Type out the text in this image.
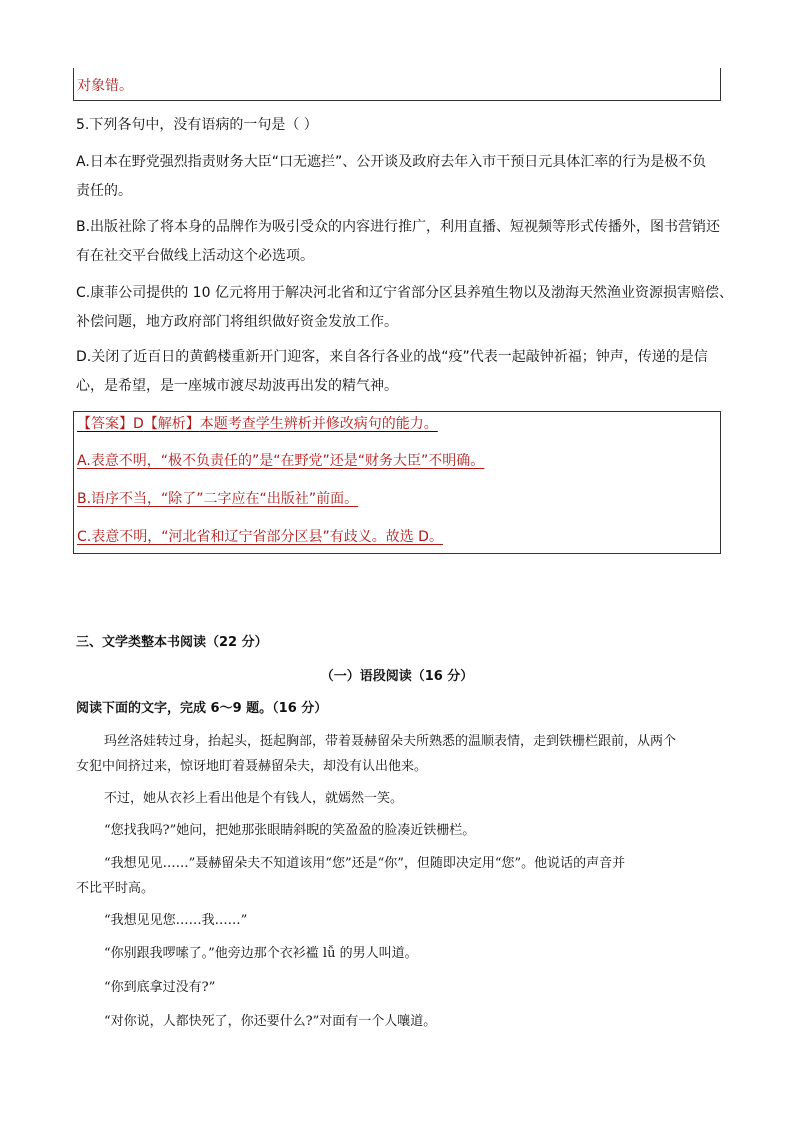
对象错。
5.下列各句中，没有语病的一句是（ ）
A.日本在野党强烈指责财务大臣“口无遮拦”、公开谈及政府去年入市干预日元具体汇率的行为是极不负
责任的。
B.出版社除了将本身的品牌作为吸引受众的内容进行推广，利用直播、短视频等形式传播外，图书营销还
有在社交平台做线上活动这个必选项。
C.康菲公司提供的 10 亿元将用于解决河北省和辽宁省部分区县养殖生物以及渤海天然渔业资源损害赔偿、
补偿问题，地方政府部门将组织做好资金发放工作。
D.关闭了近百日的黄鹤楼重新开门迎客，来自各行各业的战“疫”代表一起敲钟祈福；钟声，传递的是信
心，是希望，是一座城市渡尽劫波再出发的精气神。
【答案】D【解析】本题考查学生辨析并修改病句的能力。
A.表意不明，“极不负责任的”是“在野党”还是“财务大臣”不明确。
B.语序不当，“除了”二字应在“出版社”前面。
C.表意不明，“河北省和辽宁省部分区县”有歧义。故选 D。
三、文学类整本书阅读（22 分）
（一）语段阅读（16 分）
阅读下面的文字，完成 6～9 题。（16 分）
玛丝洛娃转过身，抬起头，挺起胸部，带着聂赫留朵夫所熟悉的温顺表情，走到铁栅栏跟前，从两个
女犯中间挤过来，惊讶地盯着聂赫留朵夫，却没有认出他来。
不过，她从衣衫上看出他是个有钱人，就嫣然一笑。
“您找我吗?”她问，把她那张眼睛斜睨的笑盈盈的脸凑近铁栅栏。
“我想见见……”聂赫留朵夫不知道该用“您”还是“你”，但随即决定用“您”。他说话的声音并
不比平时高。
“我想见见您……我……”
“你别跟我啰嗦了。”他旁边那个衣衫褴 lǚ 的男人叫道。
“你到底拿过没有?”
“对你说，人都快死了，你还要什么?”对面有一个人嚷道。
